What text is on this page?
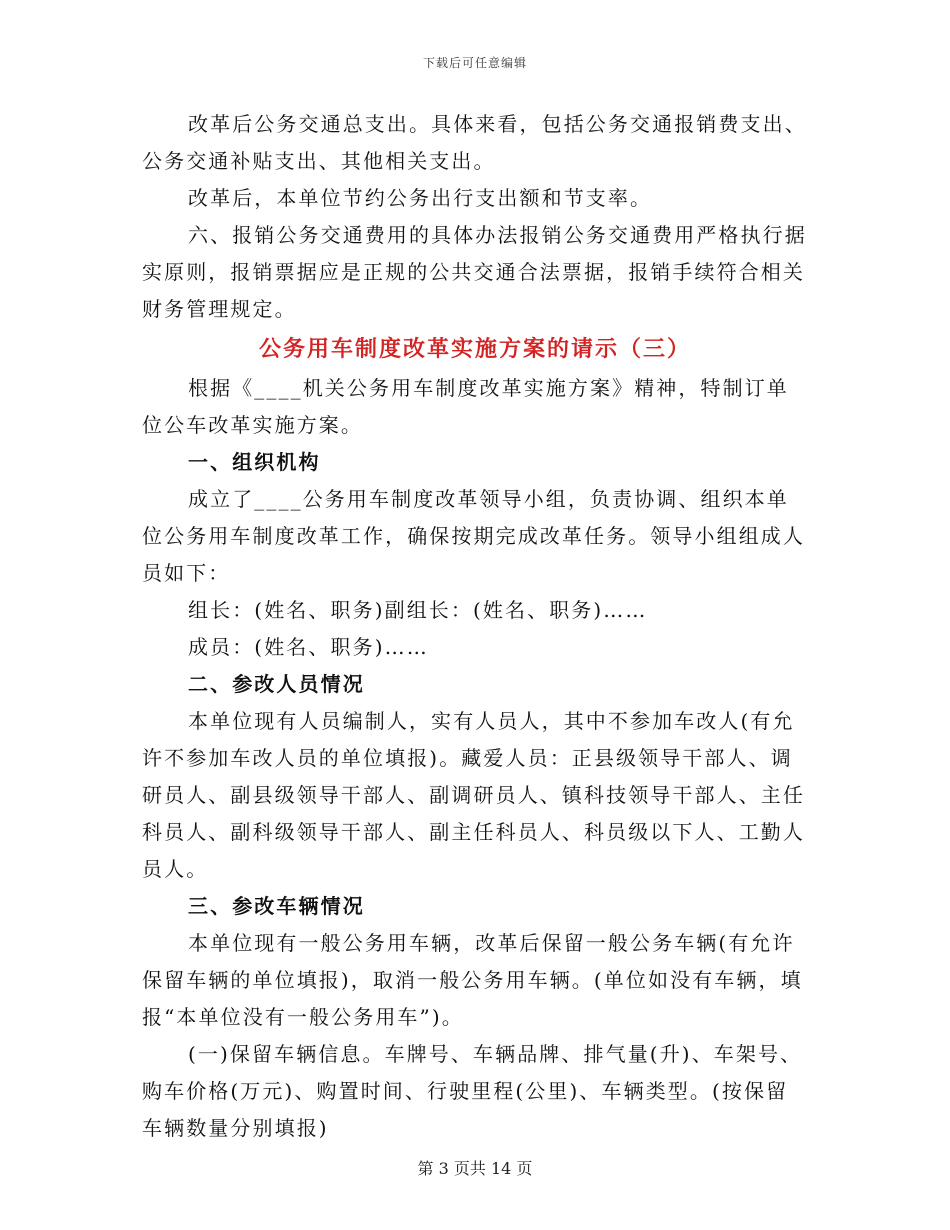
下载后可任意编辑

改革后公务交通总支出。具体来看，包括公务交通报销费支出、公务交通补贴支出、其他相关支出。

改革后，本单位节约公务出行支出额和节支率。

六、报销公务交通费用的具体办法报销公务交通费用严格执行据实原则，报销票据应是正规的公共交通合法票据，报销手续符合相关财务管理规定。

公务用车制度改革实施方案的请示（三）

根据《____机关公务用车制度改革实施方案》精神，特制订单位公车改革实施方案。

一、组织机构

成立了____公务用车制度改革领导小组，负责协调、组织本单位公务用车制度改革工作，确保按期完成改革任务。领导小组组成人员如下：

组长：(姓名、职务)副组长：(姓名、职务)……

成员：(姓名、职务)……

二、参改人员情况

本单位现有人员编制人，实有人员人，其中不参加车改人(有允许不参加车改人员的单位填报)。藏爱人员：正县级领导干部人、调研员人、副县级领导干部人、副调研员人、镇科技领导干部人、主任科员人、副科级领导干部人、副主任科员人、科员级以下人、工勤人员人。

三、参改车辆情况

本单位现有一般公务用车辆，改革后保留一般公务车辆(有允许保留车辆的单位填报)，取消一般公务用车辆。(单位如没有车辆，填报“本单位没有一般公务用车”)。

(一)保留车辆信息。车牌号、车辆品牌、排气量(升)、车架号、购车价格(万元)、购置时间、行驶里程(公里)、车辆类型。(按保留车辆数量分别填报)

第 3 页共 14 页
